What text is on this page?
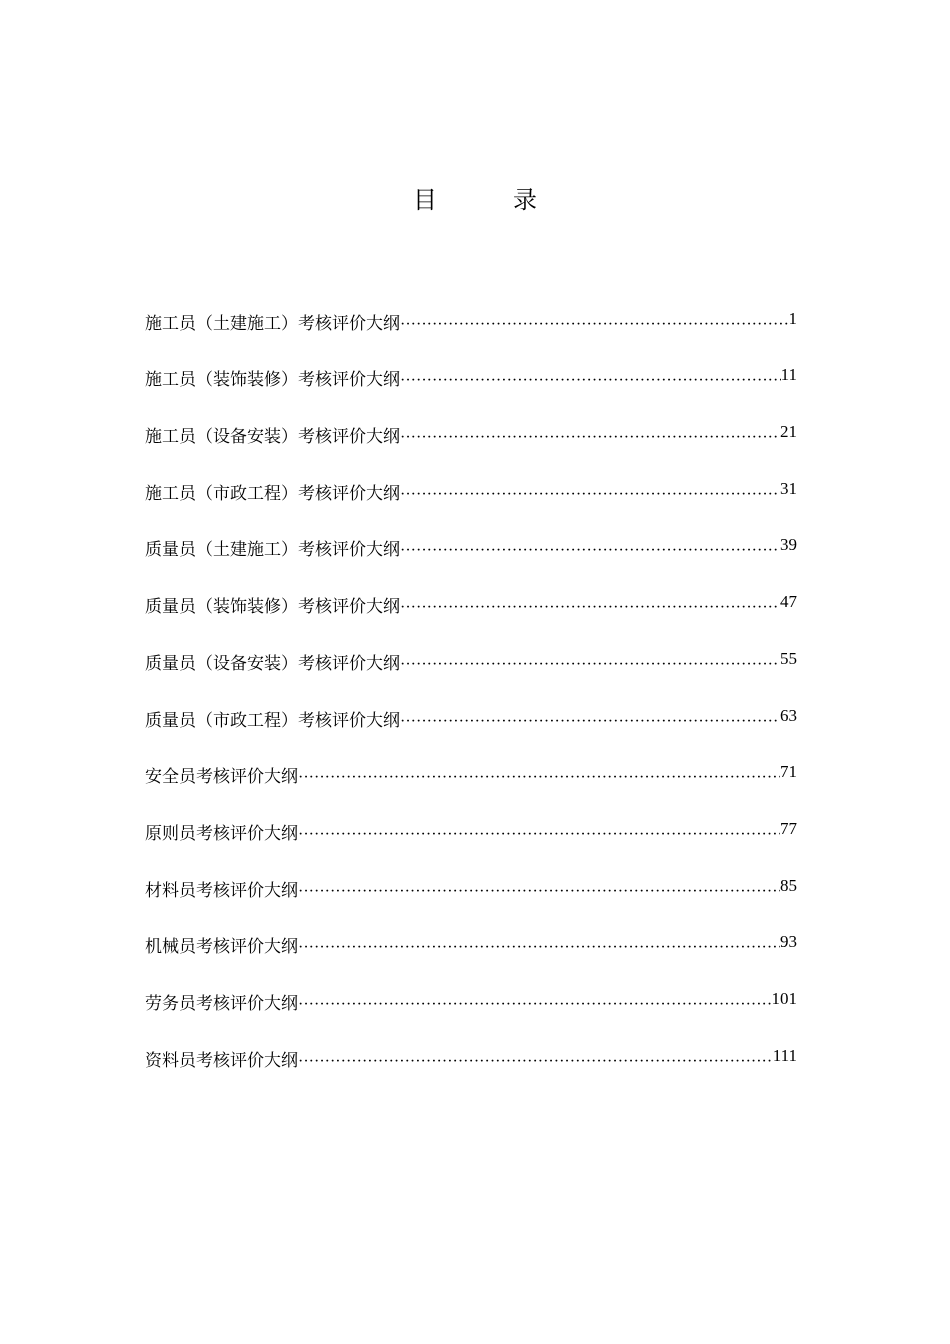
目	录
施工员（土建施工）考核评价大纲 ·····	1
施工员（装饰装修）考核评价大纲 ·····	11
施工员（设备安装）考核评价大纲 ·····	21
施工员（市政工程）考核评价大纲 ·····	31
质量员（土建施工）考核评价大纲 ·····	39
质量员（装饰装修）考核评价大纲 ·····	47
质量员（设备安装）考核评价大纲 ·····	55
质量员（市政工程）考核评价大纲 ·····	63
安全员考核评价大纲 ·····	71
原则员考核评价大纲 ·····	77
材料员考核评价大纲 ·····	85
机械员考核评价大纲 ·····	93
劳务员考核评价大纲 ·····	101
资料员考核评价大纲 ·····	111
